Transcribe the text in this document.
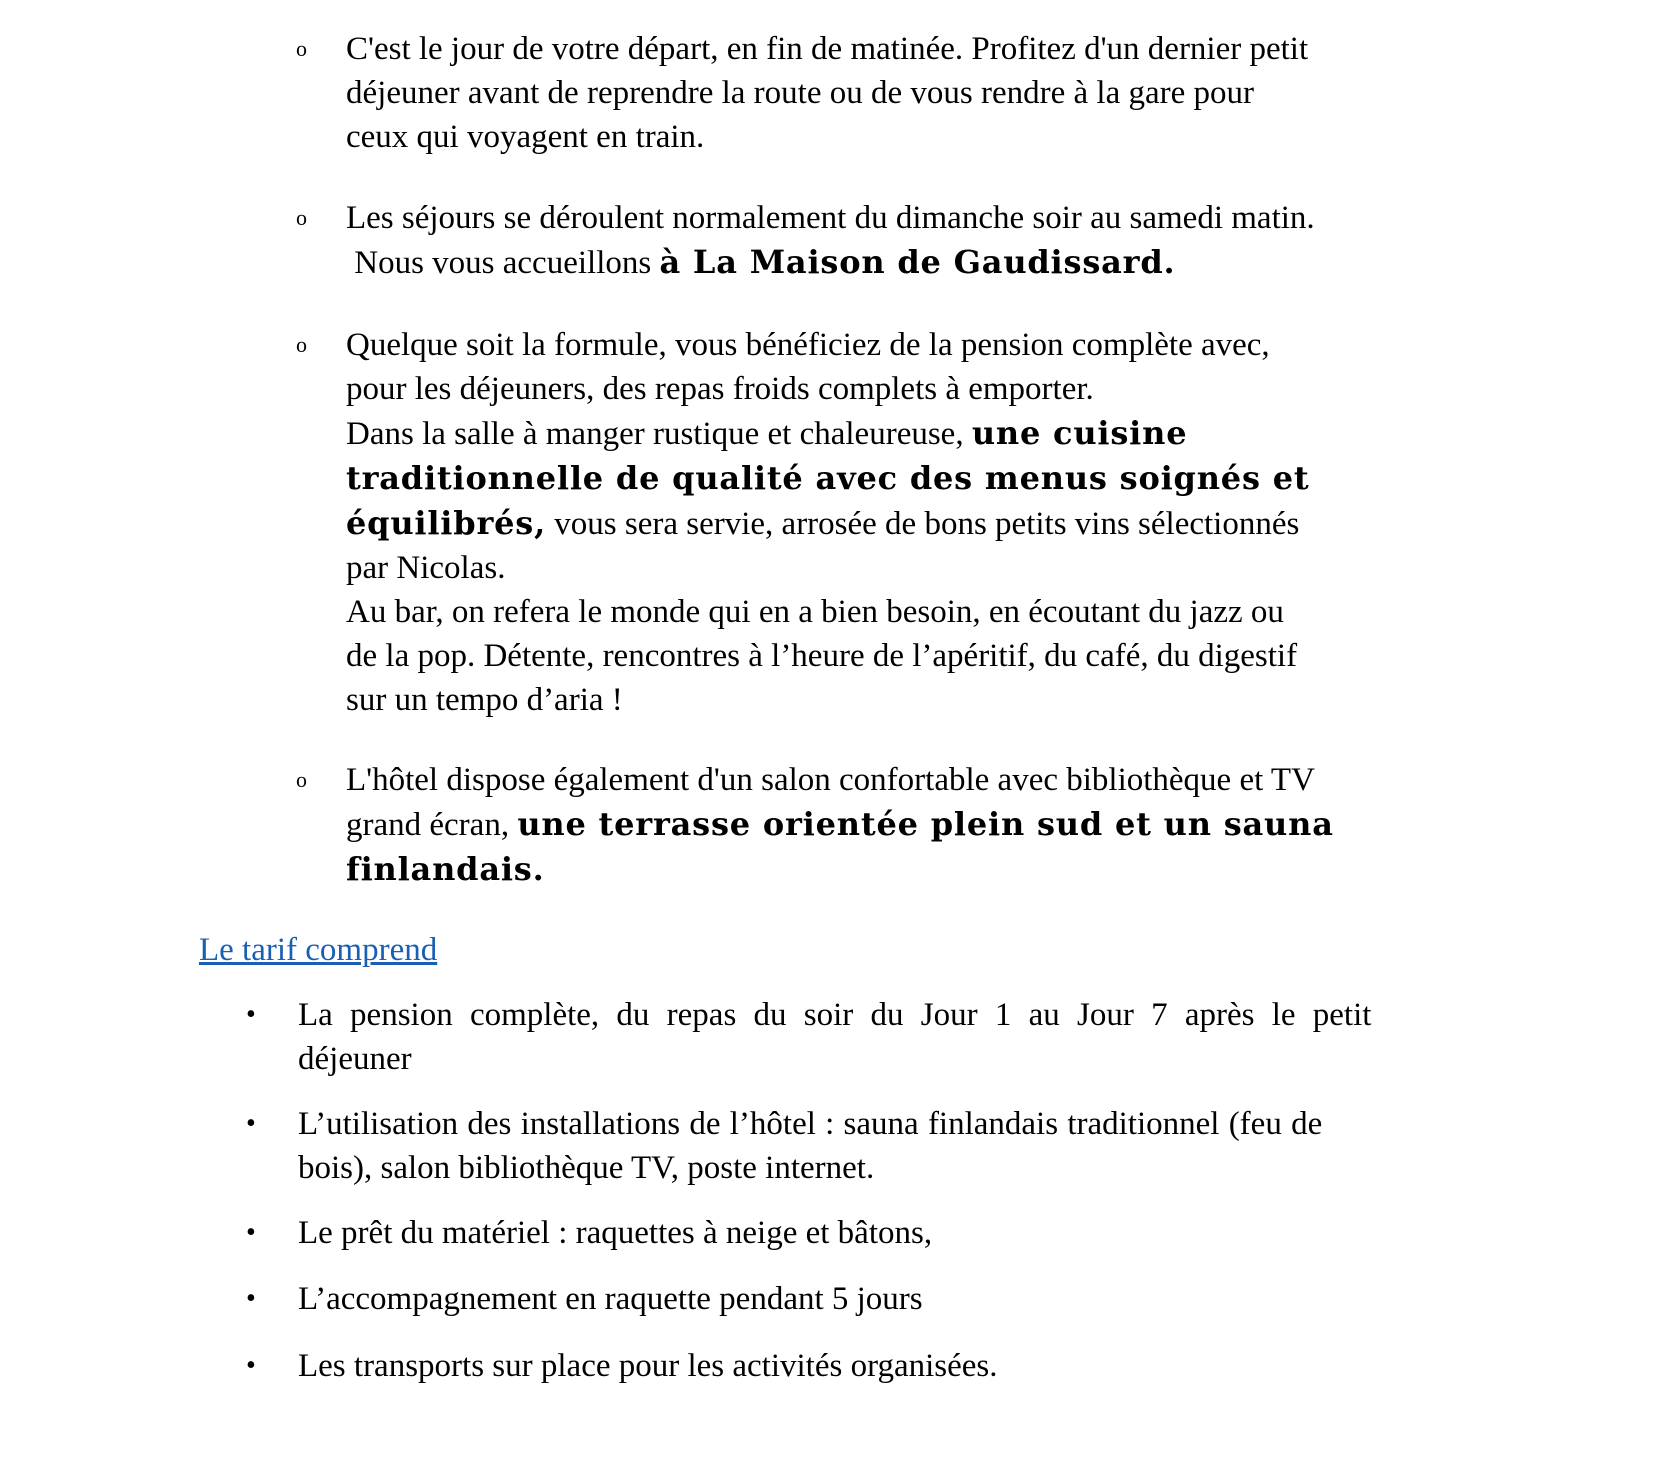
o	C'est le jour de votre départ, en fin de matinée. Profitez d'un dernier petit
déjeuner avant de reprendre la route ou de vous rendre à la gare pour
ceux qui voyagent en train.
o	Les séjours se déroulent normalement du dimanche soir au samedi matin.
Nous vous accueillons à La Maison de Gaudissard.
o	Quelque soit la formule, vous bénéficiez de la pension complète avec,
pour les déjeuners, des repas froids complets à emporter.
Dans la salle à manger rustique et chaleureuse, une cuisine
traditionnelle de qualité avec des menus soignés et
équilibrés, vous sera servie, arrosée de bons petits vins sélectionnés
par Nicolas.
Au bar, on refera le monde qui en a bien besoin, en écoutant du jazz ou
de la pop. Détente, rencontres à l’heure de l’apéritif, du café, du digestif
sur un tempo d’aria !
o	L'hôtel dispose également d'un salon confortable avec bibliothèque et TV
grand écran, une terrasse orientée plein sud et un sauna
finlandais.
Le tarif comprend
•	La pension complète, du repas du soir du Jour 1 au Jour 7 après le petit
déjeuner
•	L’utilisation des installations de l’hôtel : sauna finlandais traditionnel (feu de
bois), salon bibliothèque TV, poste internet.
•	Le prêt du matériel : raquettes à neige et bâtons,
•	L’accompagnement en raquette pendant 5 jours
•	Les transports sur place pour les activités organisées.
